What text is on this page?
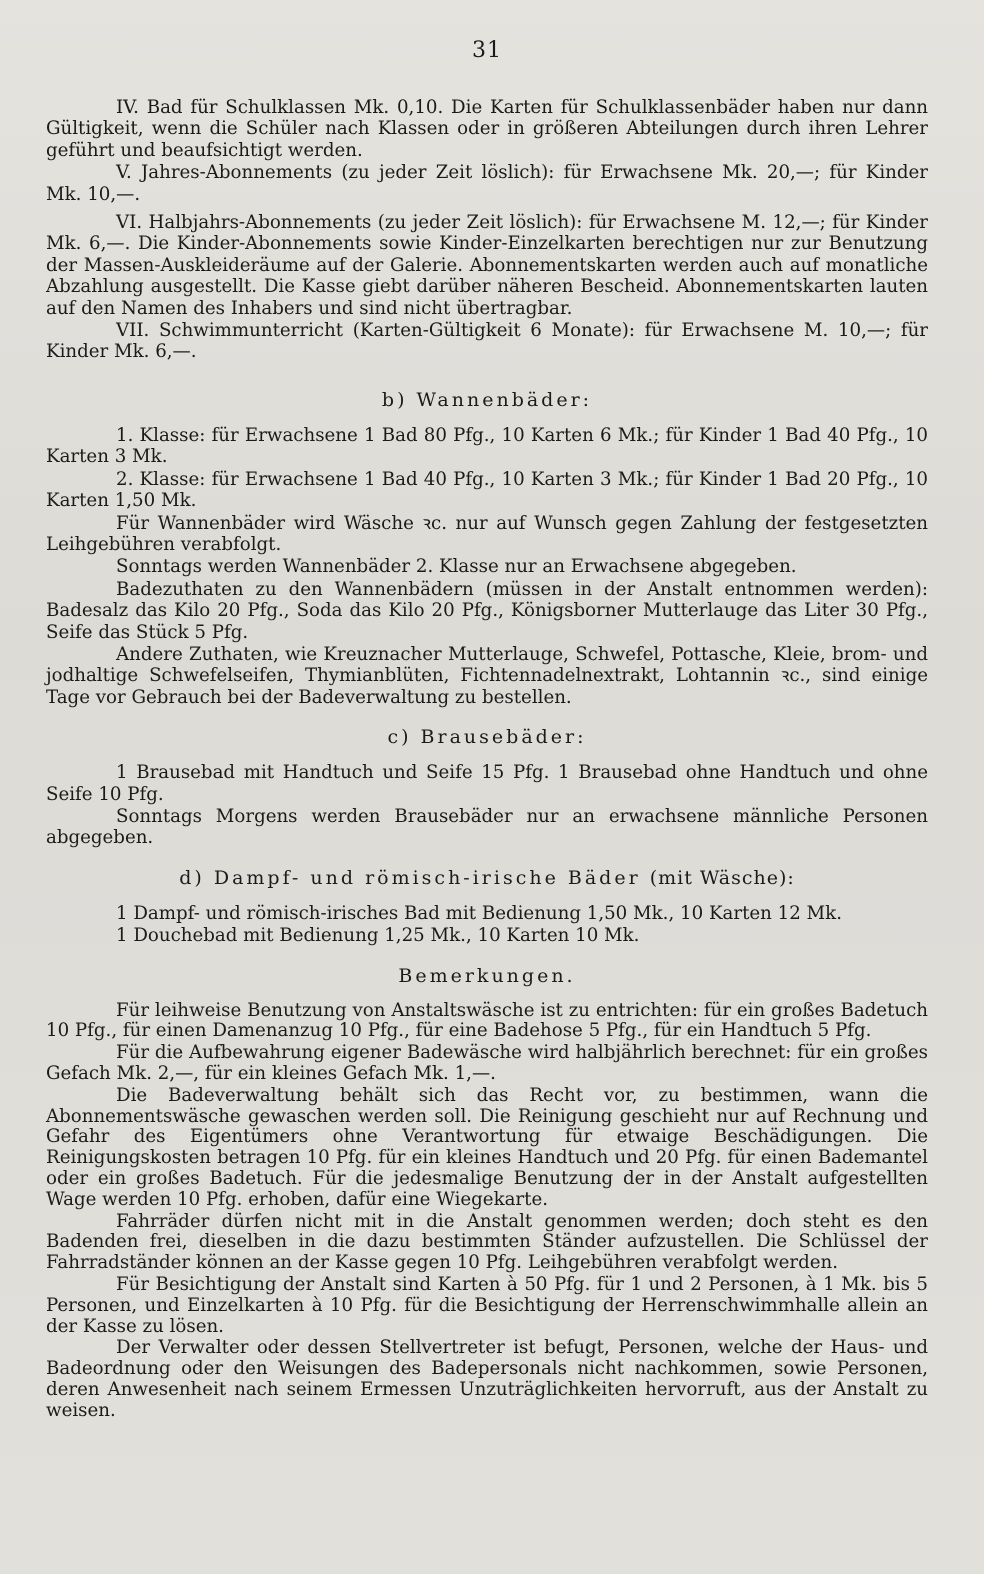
31

IV. Bad für Schulklassen Mk. 0,10. Die Karten für Schulklassenbäder haben nur dann Gültigkeit, wenn die Schüler nach Klassen oder in größeren Abteilungen durch ihren Lehrer geführt und beaufsichtigt werden.

V. Jahres-Abonnements (zu jeder Zeit löslich): für Erwachsene Mk. 20,—; für Kinder Mk. 10,—.

VI. Halbjahrs-Abonnements (zu jeder Zeit löslich): für Erwachsene M. 12,—; für Kinder Mk. 6,—. Die Kinder-Abonnements sowie Kinder-Einzelkarten berechtigen nur zur Benutzung der Massen-Auskleideräume auf der Galerie. Abonnementskarten werden auch auf monatliche Abzahlung ausgestellt. Die Kasse giebt darüber näheren Bescheid. Abonnementskarten lauten auf den Namen des Inhabers und sind nicht übertragbar.

VII. Schwimmunterricht (Karten-Gültigkeit 6 Monate): für Erwachsene M. 10,—; für Kinder Mk. 6,—.

b) Wannenbäder:

1. Klasse: für Erwachsene 1 Bad 80 Pfg., 10 Karten 6 Mk.; für Kinder 1 Bad 40 Pfg., 10 Karten 3 Mk.

2. Klasse: für Erwachsene 1 Bad 40 Pfg., 10 Karten 3 Mk.; für Kinder 1 Bad 20 Pfg., 10 Karten 1,50 Mk.

Für Wannenbäder wird Wäsche ꝛc. nur auf Wunsch gegen Zahlung der festgesetzten Leihgebühren verabfolgt.

Sonntags werden Wannenbäder 2. Klasse nur an Erwachsene abgegeben.

Badezuthaten zu den Wannenbädern (müssen in der Anstalt entnommen werden): Badesalz das Kilo 20 Pfg., Soda das Kilo 20 Pfg., Königsborner Mutterlauge das Liter 30 Pfg., Seife das Stück 5 Pfg.

Andere Zuthaten, wie Kreuznacher Mutterlauge, Schwefel, Pottasche, Kleie, brom- und jodhaltige Schwefelseifen, Thymianblüten, Fichtennadelnextrakt, Lohtannin ꝛc., sind einige Tage vor Gebrauch bei der Badeverwaltung zu bestellen.

c) Brausebäder:

1 Brausebad mit Handtuch und Seife 15 Pfg. 1 Brausebad ohne Handtuch und ohne Seife 10 Pfg.

Sonntags Morgens werden Brausebäder nur an erwachsene männliche Personen abgegeben.

d) Dampf- und römisch-irische Bäder (mit Wäsche):

1 Dampf- und römisch-irisches Bad mit Bedienung 1,50 Mk., 10 Karten 12 Mk.

1 Douchebad mit Bedienung 1,25 Mk., 10 Karten 10 Mk.

Bemerkungen.

Für leihweise Benutzung von Anstaltswäsche ist zu entrichten: für ein großes Badetuch 10 Pfg., für einen Damenanzug 10 Pfg., für eine Badehose 5 Pfg., für ein Handtuch 5 Pfg.

Für die Aufbewahrung eigener Badewäsche wird halbjährlich berechnet: für ein großes Gefach Mk. 2,—, für ein kleines Gefach Mk. 1,—.

Die Badeverwaltung behält sich das Recht vor, zu bestimmen, wann die Abonnementswäsche gewaschen werden soll. Die Reinigung geschieht nur auf Rechnung und Gefahr des Eigentümers ohne Verantwortung für etwaige Beschädigungen. Die Reinigungskosten betragen 10 Pfg. für ein kleines Handtuch und 20 Pfg. für einen Bademantel oder ein großes Badetuch. Für die jedesmalige Benutzung der in der Anstalt aufgestellten Wage werden 10 Pfg. erhoben, dafür eine Wiegekarte.

Fahrräder dürfen nicht mit in die Anstalt genommen werden; doch steht es den Badenden frei, dieselben in die dazu bestimmten Ständer aufzustellen. Die Schlüssel der Fahrradständer können an der Kasse gegen 10 Pfg. Leihgebühren verabfolgt werden.

Für Besichtigung der Anstalt sind Karten à 50 Pfg. für 1 und 2 Personen, à 1 Mk. bis 5 Personen, und Einzelkarten à 10 Pfg. für die Besichtigung der Herrenschwimmhalle allein an der Kasse zu lösen.

Der Verwalter oder dessen Stellvertreter ist befugt, Personen, welche der Haus- und Badeordnung oder den Weisungen des Badepersonals nicht nachkommen, sowie Personen, deren Anwesenheit nach seinem Ermessen Unzuträglichkeiten hervorruft, aus der Anstalt zu weisen.
